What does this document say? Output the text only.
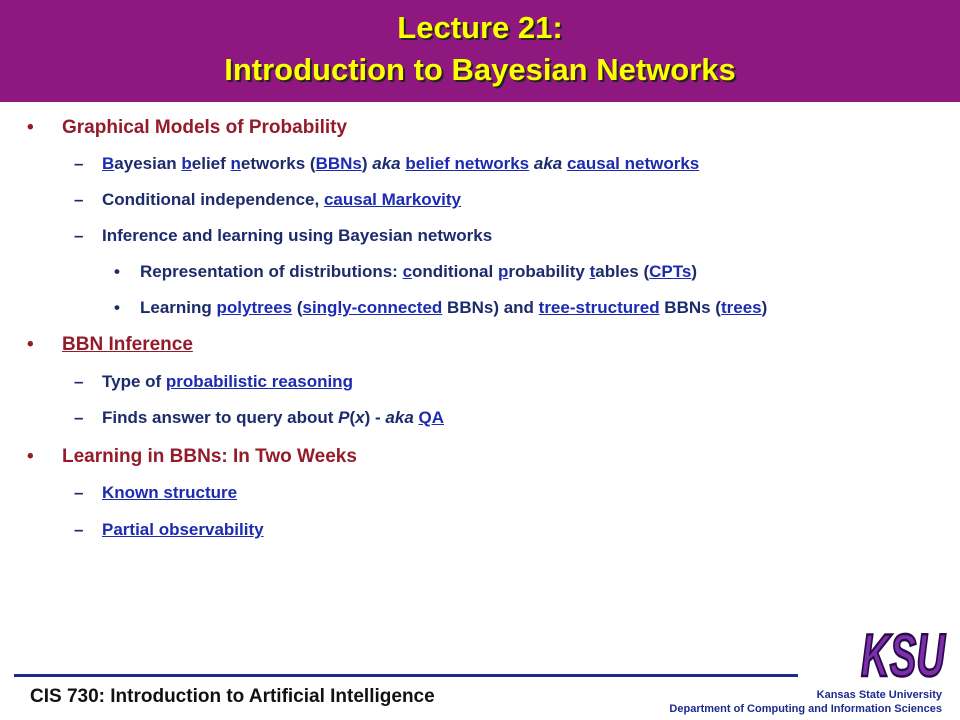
Lecture 21:
Introduction to Bayesian Networks
• Graphical Models of Probability
– Bayesian belief networks (BBNs) aka belief networks aka causal networks
– Conditional independence, causal Markovity
– Inference and learning using Bayesian networks
• Representation of distributions: conditional probability tables (CPTs)
• Learning polytrees (singly-connected BBNs) and tree-structured BBNs (trees)
• BBN Inference
– Type of probabilistic reasoning
– Finds answer to query about P(x) - aka QA
• Learning in BBNs: In Two Weeks
– Known structure
– Partial observability
CIS 730: Introduction to Artificial Intelligence	Kansas State University
Department of Computing and Information Sciences
KSU
